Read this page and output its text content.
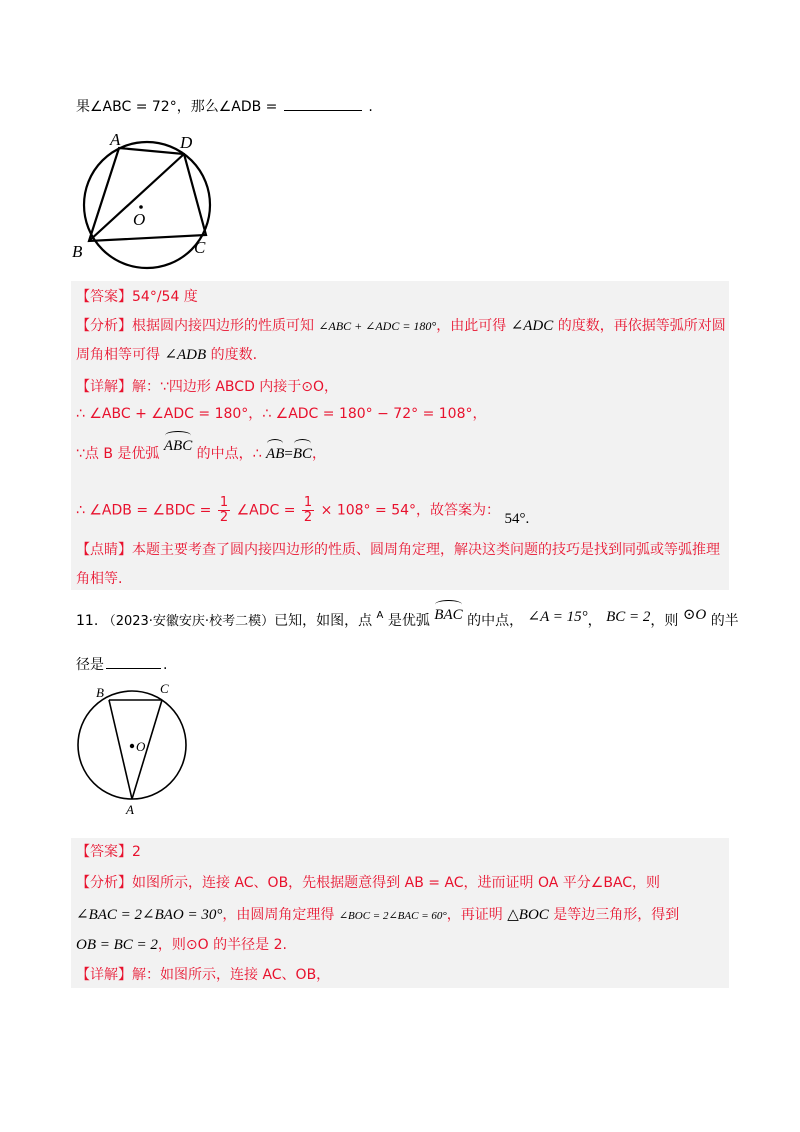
果∠ABC = 72°，那么∠ADB =	.
A	D
O
B	C
【答案】54°/54 度
【分析】根据圆内接四边形的性质可知 ∠ABC + ∠ADC = 180°，由此可得 ∠ADC 的度数，再依据等弧所对圆
周角相等可得 ∠ADB 的度数.
【详解】解：∵四边形 ABCD 内接于⊙O，
∴ ∠ABC + ∠ADC = 180°，∴ ∠ADC = 180° − 72° = 108°，
∵点 B 是优弧 ABC 的中点，∴ AB=BC，
∴ ∠ADB = ∠BDC = $\frac{1}{2}$ ∠ADC = $\frac{1}{2} \times 108^\circ = 54^\circ$，故答案为： 54°.
【点睛】本题主要考查了圆内接四边形的性质、圆周角定理，解决这类问题的技巧是找到同弧或等弧推理
角相等.
11. （2023·安徽安庆·校考二模）已知，如图，点 $^A$ 是优弧 BAC 的中点， ∠A = 15°， BC = 2，则 ⊙O 的半
径是	.
B	C
O
A
【答案】2
【分析】如图所示，连接 AC、OB，先根据题意得到 AB = AC，进而证明 OA 平分∠BAC，则
∠BAC = 2∠BAO = 30°，由圆周角定理得 ∠BOC = 2∠BAC = 60°，再证明 △BOC 是等边三角形，得到
OB = BC = 2，则⊙O 的半径是 2.
【详解】解：如图所示，连接 AC、OB，
